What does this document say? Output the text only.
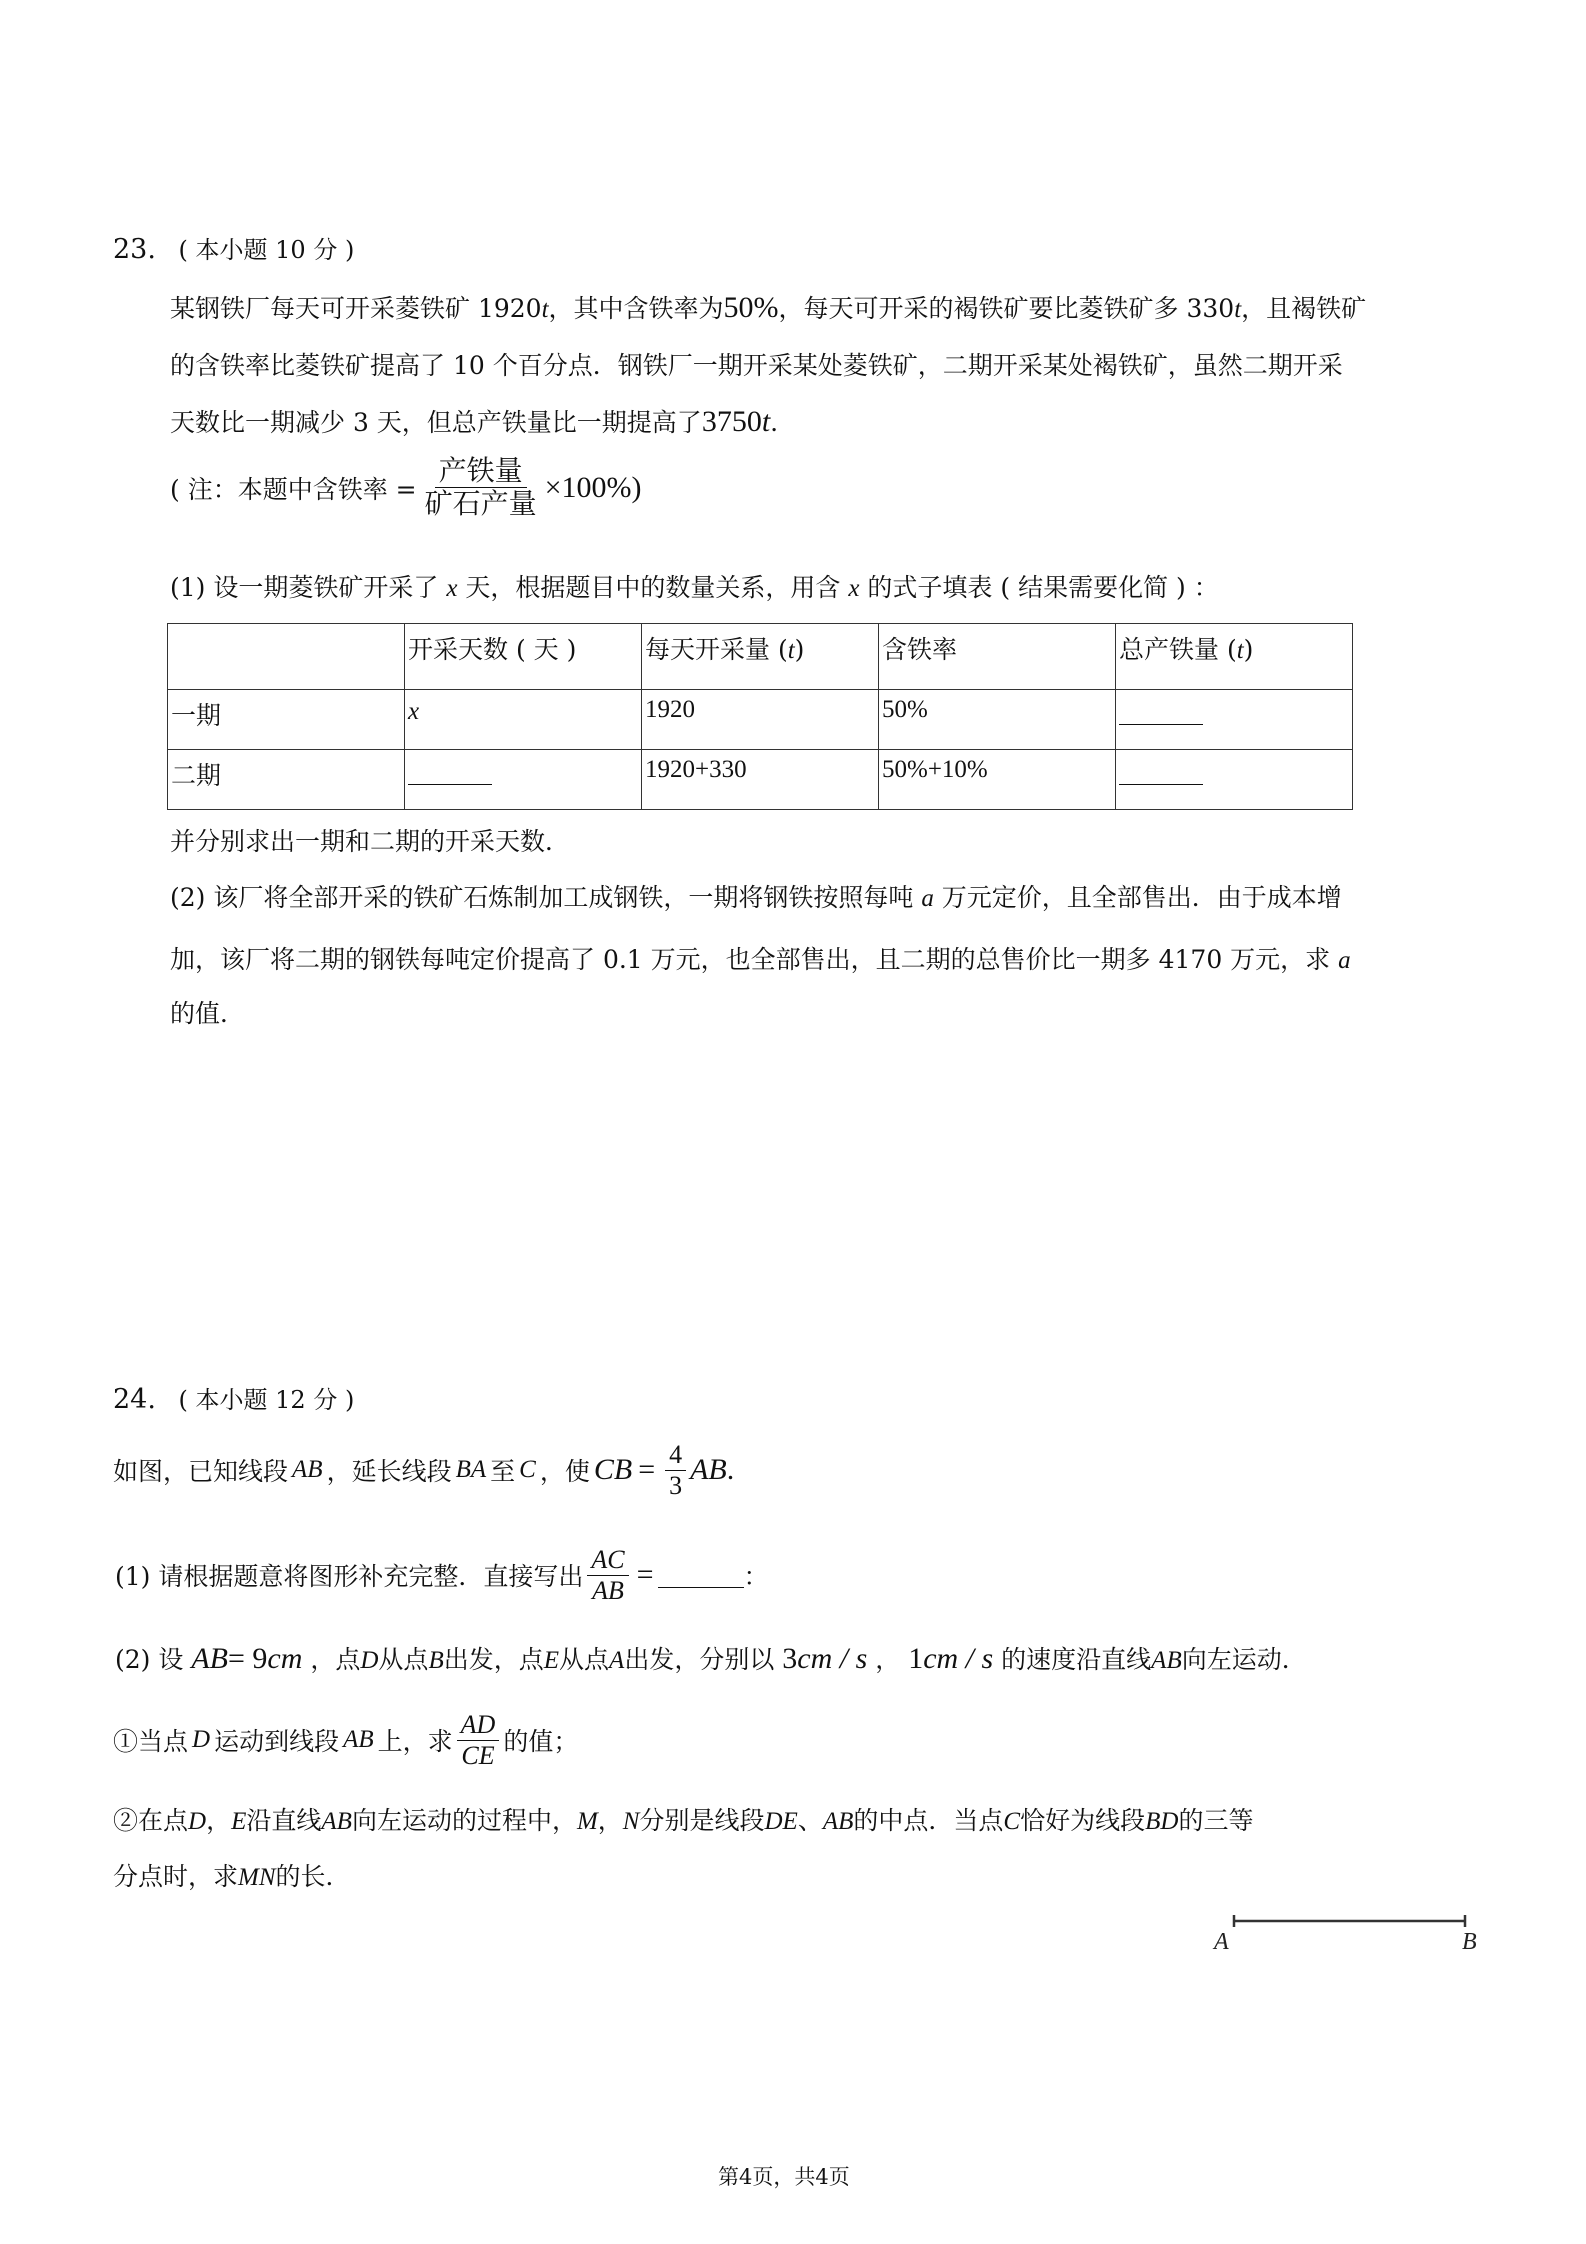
23. ( 本小题 10 分 )
某钢铁厂每天可开采菱铁矿 1920t，其中含铁率为50%，每天可开采的褐铁矿要比菱铁矿多 330t，且褐铁矿
的含铁率比菱铁矿提高了 10 个百分点．钢铁厂一期开采某处菱铁矿，二期开采某处褐铁矿，虽然二期开采
天数比一期减少 3 天，但总产铁量比一期提高了3750t.
( 注：本题中含铁率 = $\frac{\text{产铁量}}{\text{矿石产量}} \times 100\%$)
(1) 设一期菱铁矿开采了 x 天，根据题目中的数量关系，用含 x 的式子填表 ( 结果需要化简 ) ：
	开采天数 ( 天 )	每天开采量 (t)	含铁率	总产铁量 (t)
一期	x	1920	50%	
二期		1920+330	50%+10%	
并分别求出一期和二期的开采天数．
(2) 该厂将全部开采的铁矿石炼制加工成钢铁，一期将钢铁按照每吨 a 万元定价，且全部售出．由于成本增
加，该厂将二期的钢铁每吨定价提高了 0.1 万元，也全部售出，且二期的总售价比一期多 4170 万元，求 a
的值．
24. ( 本小题 12 分 )
如图，已知线段 AB ，延长线段 BA 至 C ，使 CB = $\frac{4}{3}$ AB .
(1) 请根据题意将图形补充完整．直接写出 $\frac{AC}{AB}$ =	：
(2) 设 AB= 9cm ，点D从点B出发，点E从点A出发，分别以 3cm / s ， 1cm / s 的速度沿直线AB向左运动．
①当点 D 运动到线段 AB 上，求 $\frac{AD}{CE}$ 的值；
②在点D，E沿直线AB向左运动的过程中，M，N分别是线段DE、AB的中点．当点C恰好为线段BD的三等
分点时，求MN的长．
A	B
第4页，共4页
